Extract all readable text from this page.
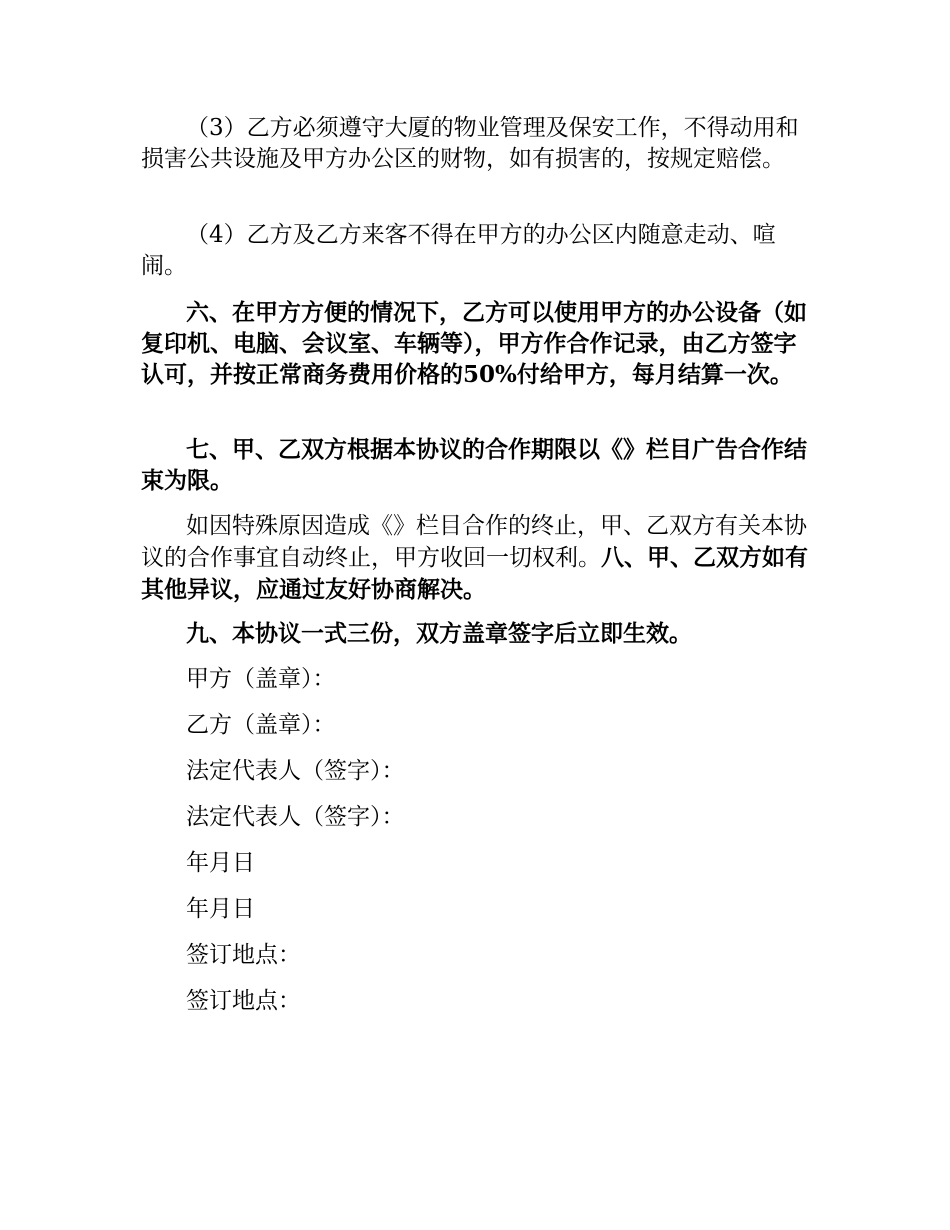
（3）乙方必须遵守大厦的物业管理及保安工作，不得动用和损害公共设施及甲方办公区的财物，如有损害的，按规定赔偿。

（4）乙方及乙方来客不得在甲方的办公区内随意走动、喧闹。

六、在甲方方便的情况下，乙方可以使用甲方的办公设备（如复印机、电脑、会议室、车辆等），甲方作合作记录，由乙方签字认可，并按正常商务费用价格的50%付给甲方，每月结算一次。

七、甲、乙双方根据本协议的合作期限以《》栏目广告合作结束为限。

如因特殊原因造成《》栏目合作的终止，甲、乙双方有关本协议的合作事宜自动终止，甲方收回一切权利。八、甲、乙双方如有其他异议，应通过友好协商解决。

九、本协议一式三份，双方盖章签字后立即生效。

甲方（盖章）：

乙方（盖章）：

法定代表人（签字）：

法定代表人（签字）：

年月日

年月日

签订地点：

签订地点：
